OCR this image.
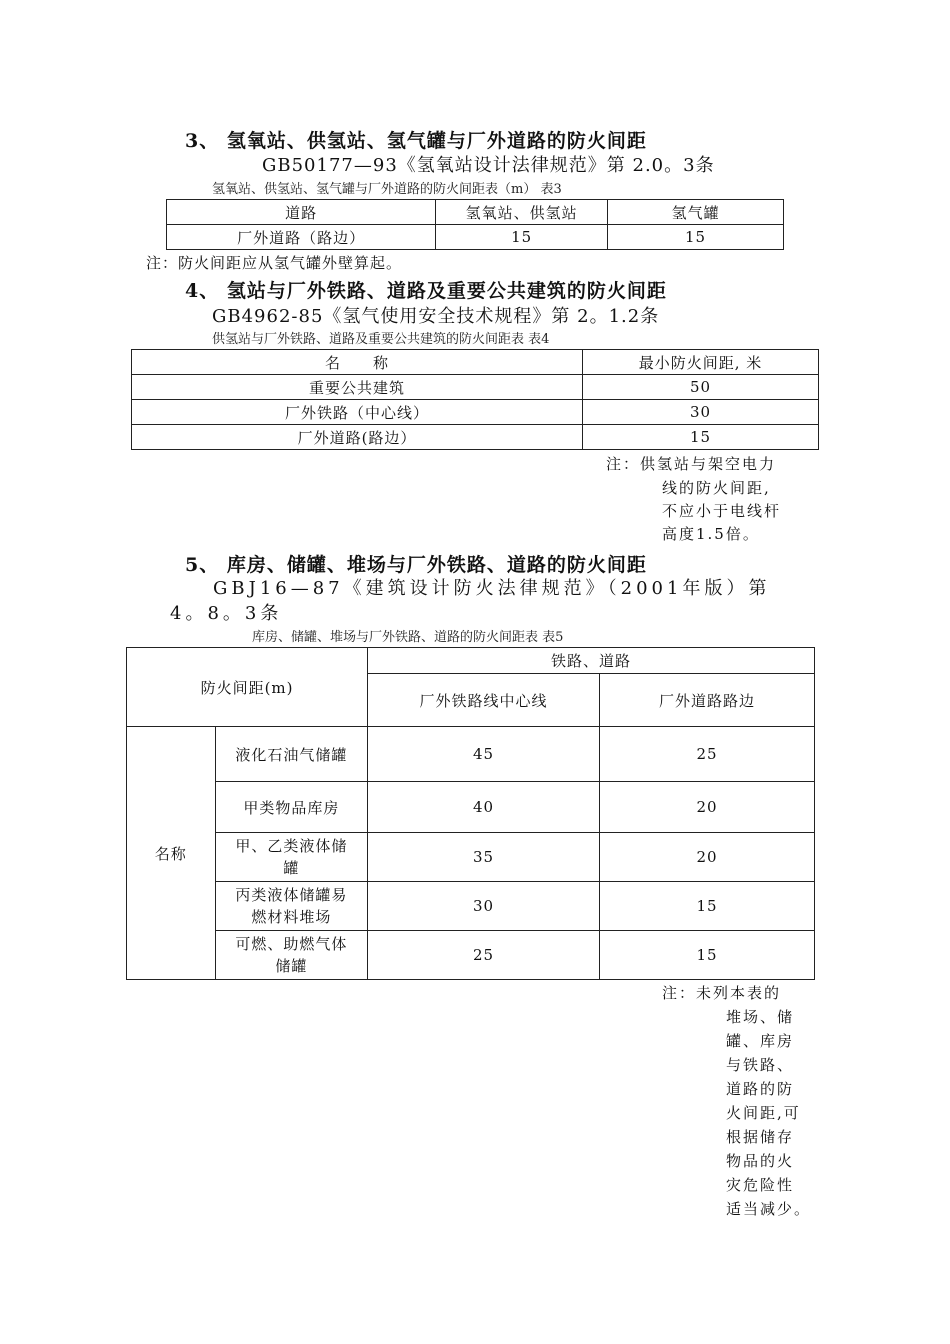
3、 氢氧站、供氢站、氢气罐与厂外道路的防火间距
GB50177—93《氢氧站设计法律规范》第 2.0。3条
氢氧站、供氢站、氢气罐与厂外道路的防火间距表（m） 表3
道路	氢氧站、供氢站	氢气罐
厂外道路（路边）	15	15
注：防火间距应从氢气罐外壁算起。
4、 氢站与厂外铁路、道路及重要公共建筑的防火间距
GB4962-85《氢气使用安全技术规程》第 2。1.2条
供氢站与厂外铁路、道路及重要公共建筑的防火间距表 表4
名　　称	最小防火间距, 米
重要公共建筑	50
厂外铁路（中心线）	30
厂外道路(路边）	15
注：供氢站与架空电力
线的防火间距,
不应小于电线杆
高度1.5倍。
5、 库房、储罐、堆场与厂外铁路、道路的防火间距
GBJ16—87《建筑设计防火法律规范》（2001年版）第
4。8。3条
库房、储罐、堆场与厂外铁路、道路的防火间距表 表5
防火间距(m)		铁路、道路	
		厂外铁路线中心线	厂外道路路边
名称	液化石油气储罐	45	25
	甲类物品库房	40	20
	甲、乙类液体储罐	35	20
	丙类液体储罐易燃材料堆场	30	15
	可燃、助燃气体储罐	25	15
注：未列本表的
堆场、储
罐、库房
与铁路、
道路的防
火间距,可
根据储存
物品的火
灾危险性
适当减少。
